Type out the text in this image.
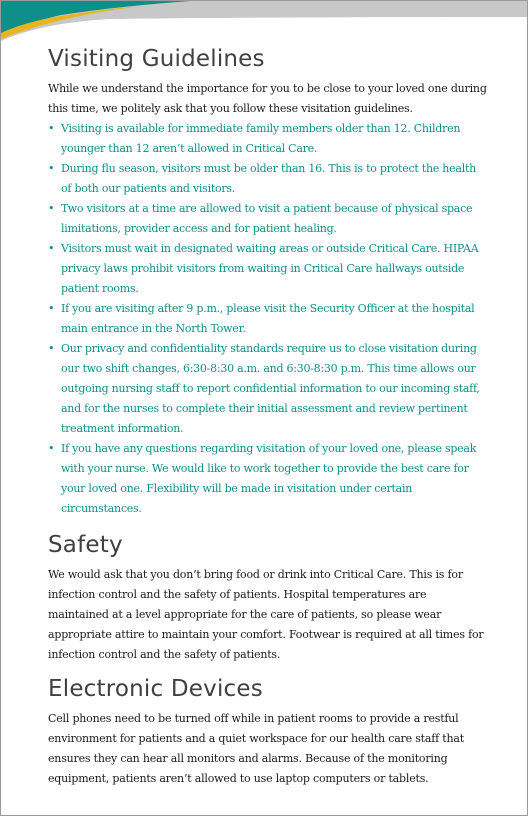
Visiting Guidelines

While we understand the importance for you to be close to your loved one during this time, we politely ask that you follow these visitation guidelines.

• Visiting is available for immediate family members older than 12. Children younger than 12 aren’t allowed in Critical Care.
• During flu season, visitors must be older than 16. This is to protect the health of both our patients and visitors.
• Two visitors at a time are allowed to visit a patient because of physical space limitations, provider access and for patient healing.
• Visitors must wait in designated waiting areas or outside Critical Care. HIPAA privacy laws prohibit visitors from waiting in Critical Care hallways outside patient rooms.
• If you are visiting after 9 p.m., please visit the Security Officer at the hospital main entrance in the North Tower.
• Our privacy and confidentiality standards require us to close visitation during our two shift changes, 6:30-8:30 a.m. and 6:30-8:30 p.m. This time allows our outgoing nursing staff to report confidential information to our incoming staff, and for the nurses to complete their initial assessment and review pertinent treatment information.
• If you have any questions regarding visitation of your loved one, please speak with your nurse. We would like to work together to provide the best care for your loved one. Flexibility will be made in visitation under certain circumstances.
Safety

We would ask that you don’t bring food or drink into Critical Care. This is for infection control and the safety of patients. Hospital temperatures are maintained at a level appropriate for the care of patients, so please wear appropriate attire to maintain your comfort. Footwear is required at all times for infection control and the safety of patients.

Electronic Devices

Cell phones need to be turned off while in patient rooms to provide a restful environment for patients and a quiet workspace for our health care staff that ensures they can hear all monitors and alarms. Because of the monitoring equipment, patients aren’t allowed to use laptop computers or tablets.
